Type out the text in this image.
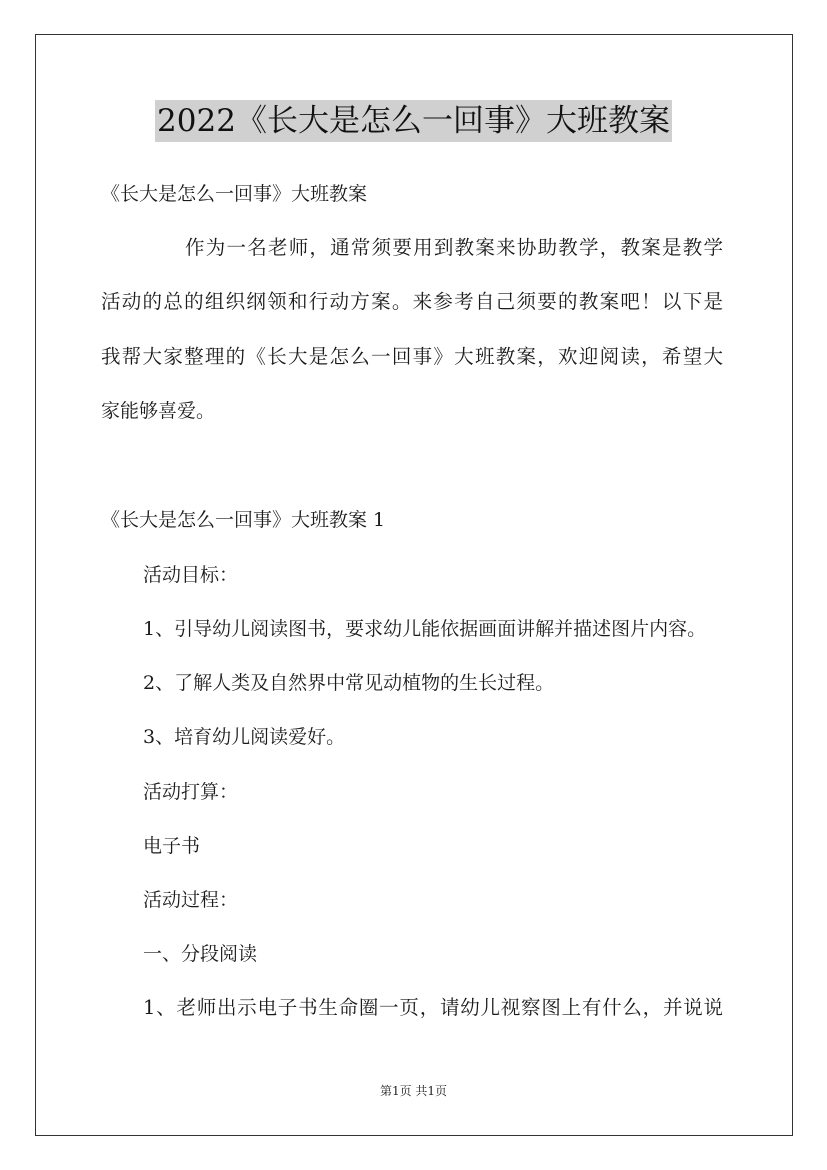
2022《长大是怎么一回事》大班教案
《长大是怎么一回事》大班教案
作为一名老师，通常须要用到教案来协助教学，教案是教学
活动的总的组织纲领和行动方案。来参考自己须要的教案吧！以下是
我帮大家整理的《长大是怎么一回事》大班教案，欢迎阅读，希望大
家能够喜爱。
《长大是怎么一回事》大班教案 1
活动目标：
1、引导幼儿阅读图书，要求幼儿能依据画面讲解并描述图片内容。
2、了解人类及自然界中常见动植物的生长过程。
3、培育幼儿阅读爱好。
活动打算：
电子书
活动过程：
一、分段阅读
1、老师出示电子书生命圈一页，请幼儿视察图上有什么，并说说
第1页 共1页
